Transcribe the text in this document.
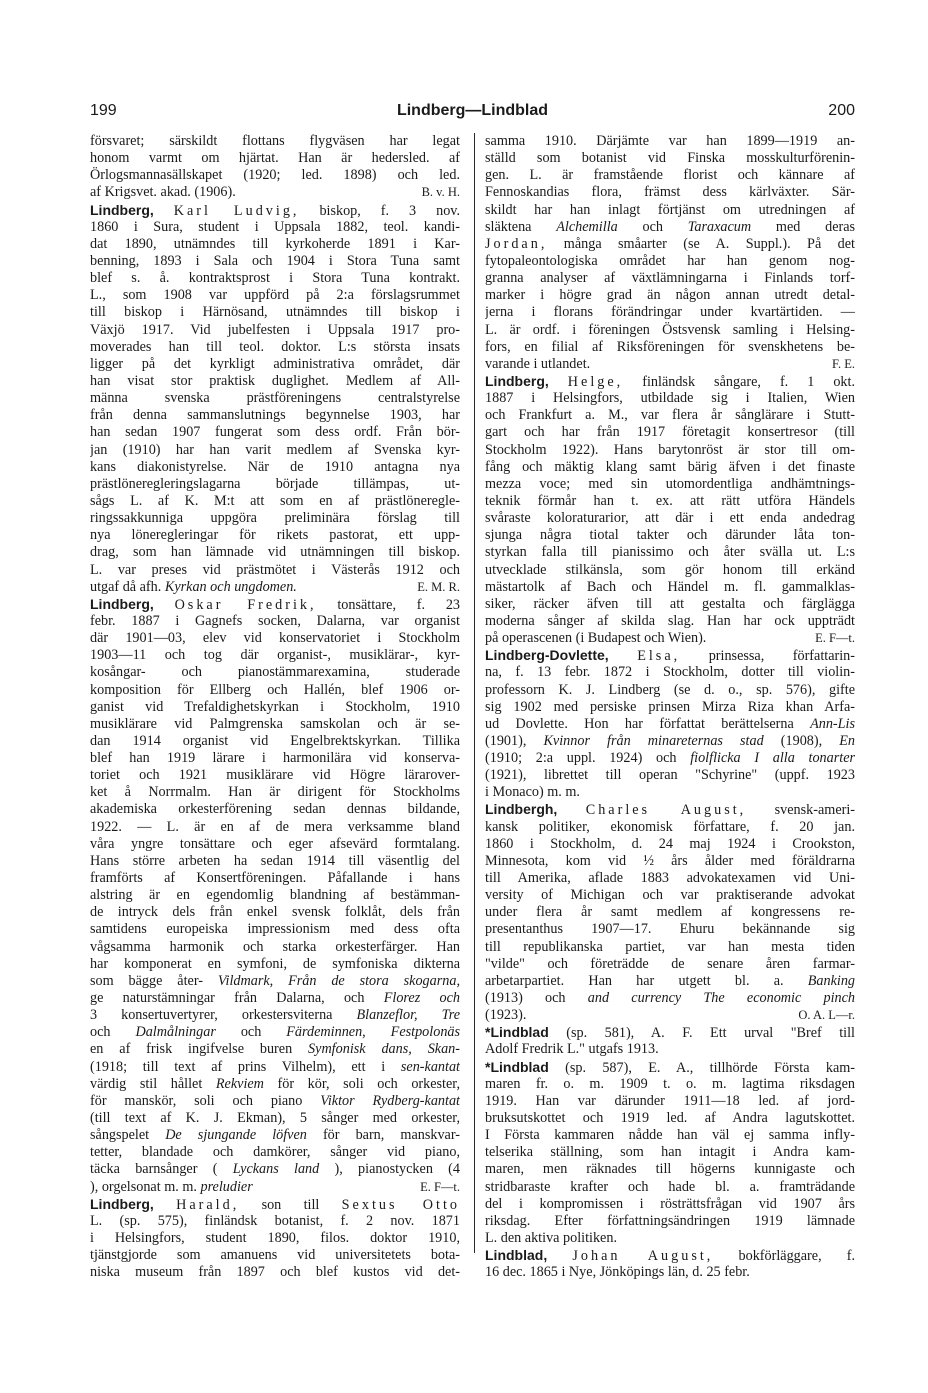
199	Lindberg—Lindblad	200
försvaret; särskildt flottans flygväsen har legat
honom varmt om hjärtat. Han är hedersled. af
Örlogsmannasällskapet (1920; led. 1898) och led.
af Krigsvet. akad. (1906).	B. v. H.
Lindberg, Karl Ludvig, biskop, f. 3 nov.
1860 i Sura, student i Uppsala 1882, teol. kandi-
dat 1890, utnämndes till kyrkoherde 1891 i Kar-
benning, 1893 i Sala och 1904 i Stora Tuna samt
blef s. å. kontraktsprost i Stora Tuna kontrakt.
L., som 1908 var uppförd på 2:a förslagsrummet
till biskop i Härnösand, utnämndes till biskop i
Växjö 1917. Vid jubelfesten i Uppsala 1917 pro-
moverades han till teol. doktor. L:s största insats
ligger på det kyrkligt administrativa området, där
han visat stor praktisk duglighet. Medlem af All-
männa svenska prästföreningens centralstyrelse
från denna sammanslutnings begynnelse 1903, har
han sedan 1907 fungerat som dess ordf. Från bör-
jan (1910) har han varit medlem af Svenska kyr-
kans diakonistyrelse. När de 1910 antagna nya
prästlöneregleringslagarna började tillämpas, ut-
sågs L. af K. M:t att som en af prästlöneregle-
ringssakkunniga uppgöra preliminära förslag till
nya löneregleringar för rikets pastorat, ett upp-
drag, som han lämnade vid utnämningen till biskop.
L. var preses vid prästmötet i Västerås 1912 och
utgaf då afh. Kyrkan och ungdomen.	E. M. R.
Lindberg, Oskar Fredrik, tonsättare, f. 23
febr. 1887 i Gagnefs socken, Dalarna, var organist
där 1901—03, elev vid konservatoriet i Stockholm
1903—11 och tog där organist-, musiklärar-, kyr-
kosångar- och pianostämmarexamina, studerade
komposition för Ellberg och Hallén, blef 1906 or-
ganist vid Trefaldighetskyrkan i Stockholm, 1910
musiklärare vid Palmgrenska samskolan och är se-
dan 1914 organist vid Engelbrektskyrkan. Tillika
blef han 1919 lärare i harmonilära vid konserva-
toriet och 1921 musiklärare vid Högre lärarover-
ket å Norrmalm. Han är dirigent för Stockholms
akademiska orkesterförening sedan dennas bildande,
1922. — L. är en af de mera verksamme bland
våra yngre tonsättare och eger afsevärd formtalang.
Hans större arbeten ha sedan 1914 till väsentlig del
framförts af Konsertföreningen. Påfallande i hans
alstring är en egendomlig blandning af bestämman-
de intryck dels från enkel svensk folklåt, dels från
samtidens europeiska impressionism med dess ofta
vågsamma harmonik och starka orkesterfärger. Han
har komponerat en symfoni, de symfoniska dikterna
som bägge åter- Vildmark, Från de stora skogarna,
ge naturstämningar från Dalarna, och Florez och
3 konsertuvertyrer, orkestersviterna Blanzeflor, Tre
och Dalmålningar och Färdeminnen, Festpolonäs
en af frisk ingifvelse buren Symfonisk dans, Skan-
(1918; till text af prins Vilhelm), ett i sen-kantat
värdig stil hållet Rekviem för kör, soli och orkester,
för manskör, soli och piano Viktor Rydberg-kantat
(till text af K. J. Ekman), 5 sånger med orkester,
sångspelet De sjungande löfven för barn, manskvar-
tetter, blandade och damkörer, sånger vid piano,
täcka barnsånger ( Lyckans land ), pianostycken (4
), orgelsonat m. m. preludier	E. F—t.
Lindberg, Harald, son till Sextus Otto
L. (sp. 575), finländsk botanist, f. 2 nov. 1871
i Helsingfors, student 1890, filos. doktor 1910,
tjänstgjorde som amanuens vid universitetets bota-
niska museum från 1897 och blef kustos vid det-
samma 1910. Därjämte var han 1899—1919 an-
ställd som botanist vid Finska mosskulturförenin-
gen. L. är framstående florist och kännare af
Fennoskandias flora, främst dess kärlväxter. Sär-
skildt har han inlagt förtjänst om utredningen af
släktena Alchemilla och Taraxacum med deras
Jordan, många småarter (se A. Suppl.). På det
fytopaleontologiska området har han genom nog-
granna analyser af växtlämningarna i Finlands torf-
marker i högre grad än någon annan utredt detal-
jerna i florans förändringar under kvartärtiden. —
L. är ordf. i föreningen Östsvensk samling i Helsing-
fors, en filial af Riksföreningen för svenskhetens be-
varande i utlandet.	F. E.
Lindberg, Helge, finländsk sångare, f. 1 okt.
1887 i Helsingfors, utbildade sig i Italien, Wien
och Frankfurt a. M., var flera år sånglärare i Stutt-
gart och har från 1917 företagit konsertresor (till
Stockholm 1922). Hans barytonröst är stor till om-
fång och mäktig klang samt bärig äfven i det finaste
mezza voce; med sin utomordentliga andhämtnings-
teknik förmår han t. ex. att rätt utföra Händels
svåraste koloraturarior, att där i ett enda andedrag
sjunga några tiotal takter och därunder låta ton-
styrkan falla till pianissimo och åter svälla ut. L:s
utvecklade stilkänsla, som gör honom till erkänd
mästartolk af Bach och Händel m. fl. gammalklas-
siker, räcker äfven till att gestalta och färglägga
moderna sånger af skilda slag. Han har ock uppträdt
på operascenen (i Budapest och Wien).	E. F—t.
Lindberg-Dovlette, Elsa, prinsessa, författarin-
na, f. 13 febr. 1872 i Stockholm, dotter till violin-
professorn K. J. Lindberg (se d. o., sp. 576), gifte
sig 1902 med persiske prinsen Mirza Riza khan Arfa-
ud Dovlette. Hon har författat berättelserna Ann-Lis
(1901), Kvinnor från minareternas stad (1908), En
(1910; 2:a uppl. 1924) och fiolflicka I alla tonarter
(1921), librettet till operan "Schyrine" (uppf. 1923
i Monaco) m. m.
Lindbergh, Charles August, svensk-ameri-
kansk politiker, ekonomisk författare, f. 20 jan.
1860 i Stockholm, d. 24 maj 1924 i Crookston,
Minnesota, kom vid ½ års ålder med föräldrarna
till Amerika, aflade 1883 advokatexamen vid Uni-
versity of Michigan och var praktiserande advokat
under flera år samt medlem af kongressens re-
presentanthus 1907—17. Ehuru bekännande sig
till republikanska partiet, var han mesta tiden
"vilde" och företrädde de senare åren farmar-
arbetarpartiet. Han har utgett bl. a. Banking
(1913) och and currency The economic pinch
(1923).	O. A. L—r.
*Lindblad (sp. 581), A. F. Ett urval "Bref till
Adolf Fredrik L." utgafs 1913.
*Lindblad (sp. 587), E. A., tillhörde Första kam-
maren fr. o. m. 1909 t. o. m. lagtima riksdagen
1919. Han var därunder 1911—18 led. af jord-
bruksutskottet och 1919 led. af Andra lagutskottet.
I Första kammaren nådde han väl ej samma infly-
telserika ställning, som han intagit i Andra kam-
maren, men räknades till högerns kunnigaste och
stridbaraste krafter och hade bl. a. framträdande
del i kompromissen i rösträttsfrågan vid 1907 års
riksdag. Efter författningsändringen 1919 lämnade
L. den aktiva politiken.
Lindblad, Johan August, bokförläggare, f.
16 dec. 1865 i Nye, Jönköpings län, d. 25 febr.
